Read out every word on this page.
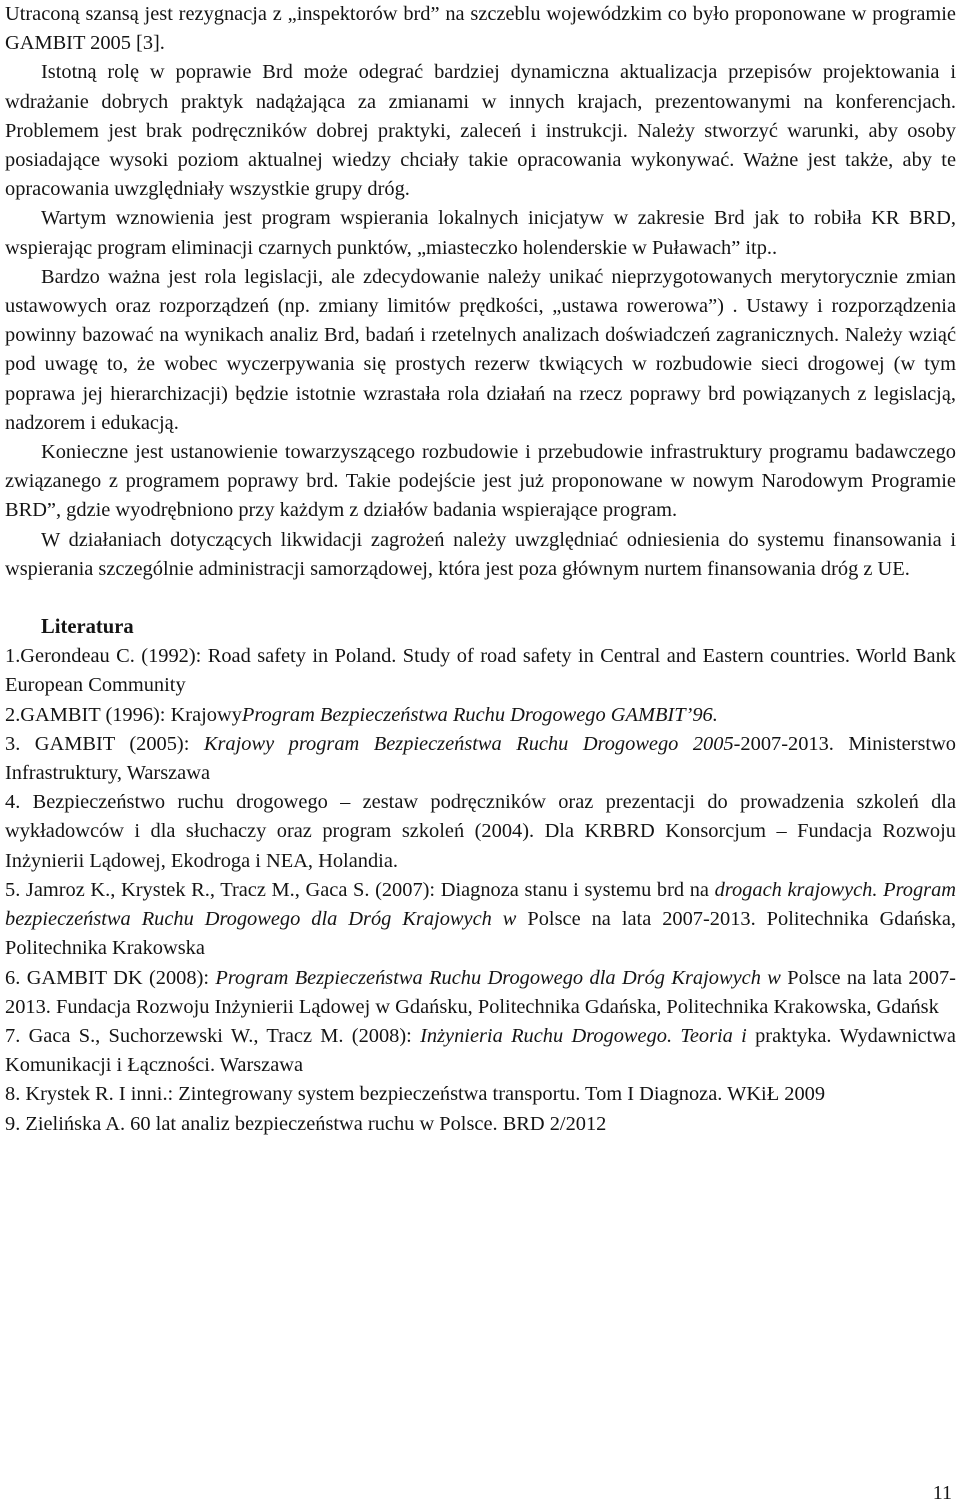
Utraconą szansą jest rezygnacja z „inspektorów brd” na szczeblu wojewódzkim co było proponowane w programie GAMBIT 2005 [3].

Istotną rolę w poprawie Brd może odegrać bardziej dynamiczna aktualizacja przepisów projektowania i wdrażanie dobrych praktyk nadążająca za zmianami w innych krajach, prezentowanymi na konferencjach. Problemem jest brak podręczników dobrej praktyki, zaleceń i instrukcji. Należy stworzyć warunki, aby osoby posiadające wysoki poziom aktualnej wiedzy chciały takie opracowania wykonywać. Ważne jest także, aby te opracowania uwzględniały wszystkie grupy dróg.

Wartym wznowienia jest program wspierania lokalnych inicjatyw w zakresie Brd jak to robiła KR BRD, wspierając program eliminacji czarnych punktów, „miasteczko holenderskie w Puławach” itp..

Bardzo ważna jest rola legislacji, ale zdecydowanie należy unikać nieprzygotowanych merytorycznie zmian ustawowych oraz rozporządzeń (np. zmiany limitów prędkości, „ustawa rowerowa”) . Ustawy i rozporządzenia powinny bazować na wynikach analiz Brd, badań i rzetelnych analizach doświadczeń zagranicznych. Należy wziąć pod uwagę to, że wobec wyczerpywania się prostych rezerw tkwiących w rozbudowie sieci drogowej (w tym poprawa jej hierarchizacji) będzie istotnie wzrastała rola działań na rzecz poprawy brd powiązanych z legislacją, nadzorem i edukacją.

Konieczne jest ustanowienie towarzyszącego rozbudowie i przebudowie infrastruktury programu badawczego związanego z programem poprawy brd. Takie podejście jest już proponowane w nowym Narodowym Programie BRD”, gdzie wyodrębniono przy każdym z działów badania wspierające program.

W działaniach dotyczących likwidacji zagrożeń należy uwzględniać odniesienia do systemu finansowania i wspierania szczególnie administracji samorządowej, która jest poza głównym nurtem finansowania dróg z UE.

Literatura

1.Gerondeau C. (1992): Road safety in Poland. Study of road safety in Central and Eastern countries. World Bank European Community

2.GAMBIT (1996): KrajowyProgram Bezpieczeństwa Ruchu Drogowego GAMBIT’96.

3. GAMBIT (2005): Krajowy program Bezpieczeństwa Ruchu Drogowego 2005-2007-2013. Ministerstwo Infrastruktury, Warszawa

4. Bezpieczeństwo ruchu drogowego – zestaw podręczników oraz prezentacji do prowadzenia szkoleń dla wykładowców i dla słuchaczy oraz program szkoleń (2004). Dla KRBRD Konsorcjum – Fundacja Rozwoju Inżynierii Lądowej, Ekodroga i NEA, Holandia.

5. Jamroz K., Krystek R., Tracz M., Gaca S. (2007): Diagnoza stanu i systemu brd na drogach krajowych. Program bezpieczeństwa Ruchu Drogowego dla Dróg Krajowych w Polsce na lata 2007-2013. Politechnika Gdańska, Politechnika Krakowska

6. GAMBIT DK (2008): Program Bezpieczeństwa Ruchu Drogowego dla Dróg Krajowych w Polsce na lata 2007-2013. Fundacja Rozwoju Inżynierii Lądowej w Gdańsku, Politechnika Gdańska, Politechnika Krakowska, Gdańsk

7. Gaca S., Suchorzewski W., Tracz M. (2008): Inżynieria Ruchu Drogowego. Teoria i praktyka. Wydawnictwa Komunikacji i Łączności. Warszawa

8. Krystek R. I inni.: Zintegrowany system bezpieczeństwa transportu. Tom I Diagnoza. WKiŁ 2009

9. Zielińska A. 60 lat analiz bezpieczeństwa ruchu w Polsce. BRD 2/2012

11
